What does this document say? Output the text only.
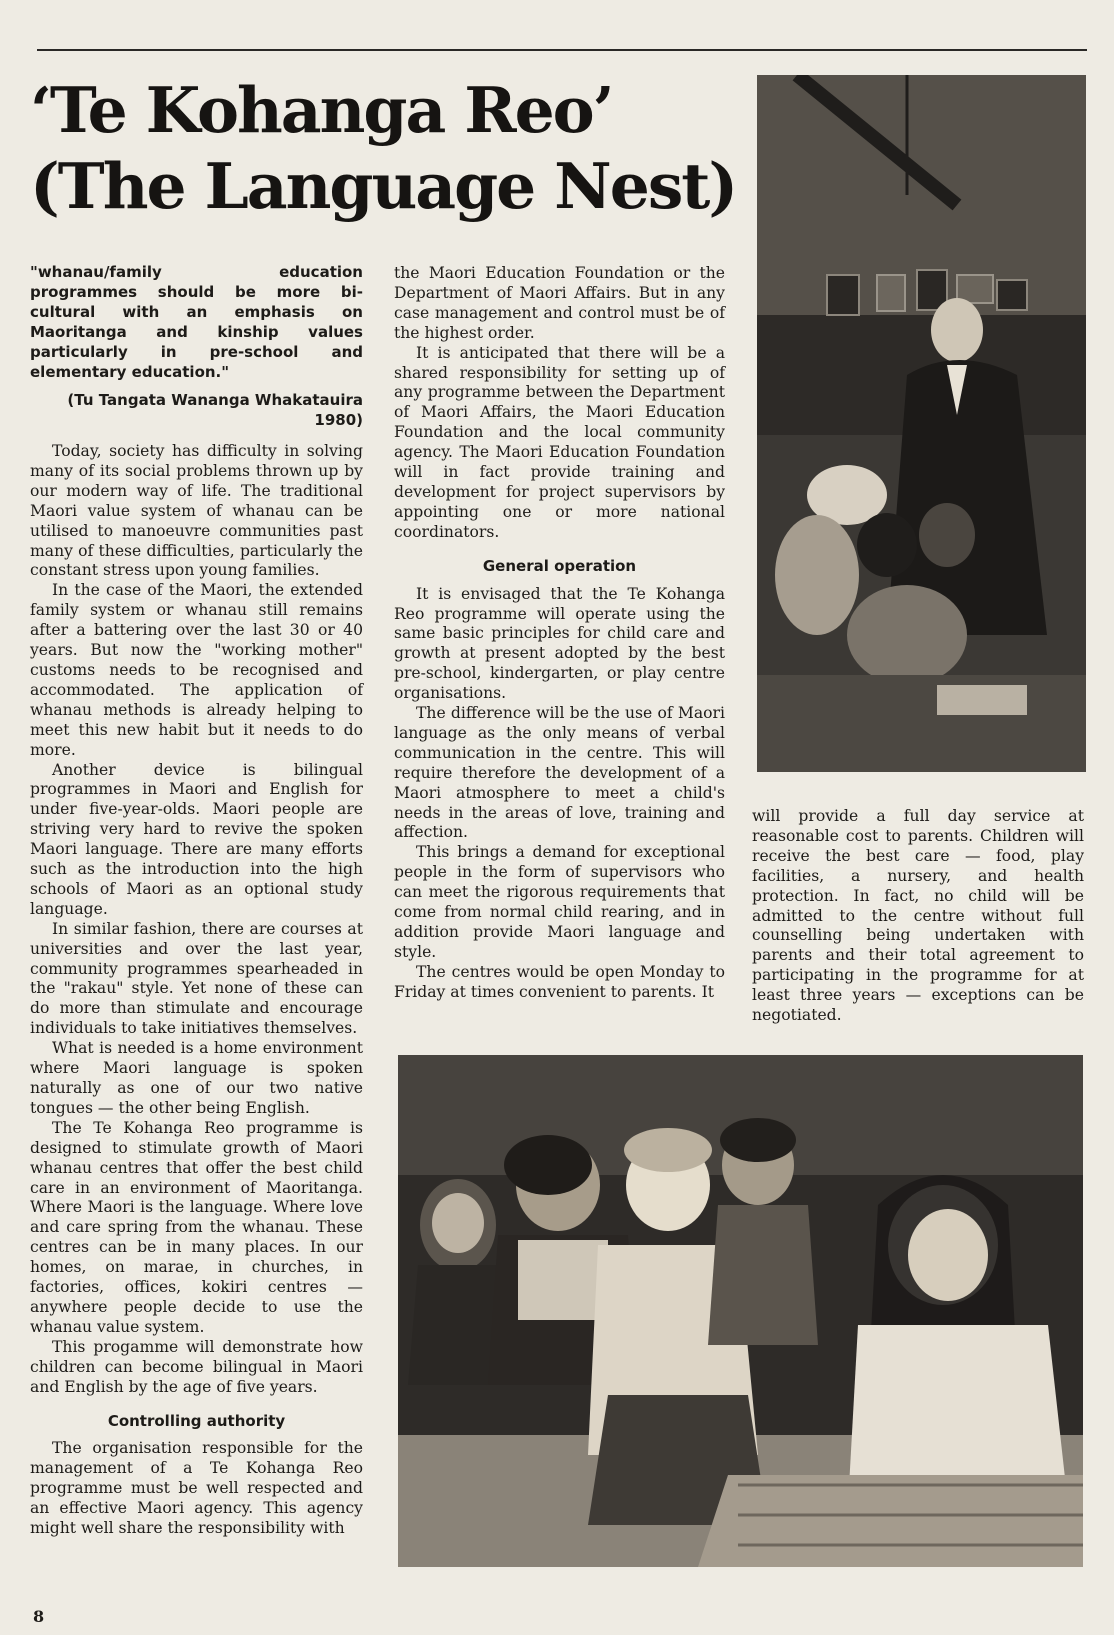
‘Te Kohanga Reo’
(The Language Nest)
"whanau/family education programmes should be more bi-cultural with an emphasis on Maoritanga and kinship values particularly in pre-school and elementary education."
(Tu Tangata Wananga Whakatauira
1980)

Today, society has difficulty in solving many of its social problems thrown up by our modern way of life. The traditional Maori value system of whanau can be utilised to manoeuvre communities past many of these difficulties, particularly the constant stress upon young families.

In the case of the Maori, the extended family system or whanau still remains after a battering over the last 30 or 40 years. But now the "working mother" customs needs to be recognised and accommodated. The application of whanau methods is already helping to meet this new habit but it needs to do more.

Another device is bilingual programmes in Maori and English for under five-year-olds. Maori people are striving very hard to revive the spoken Maori language. There are many efforts such as the introduction into the high schools of Maori as an optional study language.

In similar fashion, there are courses at universities and over the last year, community programmes spearheaded in the "rakau" style. Yet none of these can do more than stimulate and encourage individuals to take initiatives themselves.

What is needed is a home environment where Maori language is spoken naturally as one of our two native tongues — the other being English.

The Te Kohanga Reo programme is designed to stimulate growth of Maori whanau centres that offer the best child care in an environment of Maoritanga. Where Maori is the language. Where love and care spring from the whanau. These centres can be in many places. In our homes, on marae, in churches, in factories, offices, kokiri centres — anywhere people decide to use the whanau value system.

This progamme will demonstrate how children can become bilingual in Maori and English by the age of five years.

Controlling authority

The organisation responsible for the management of a Te Kohanga Reo programme must be well respected and an effective Maori agency. This agency might well share the responsibility with

the Maori Education Foundation or the Department of Maori Affairs. But in any case management and control must be of the highest order.

It is anticipated that there will be a shared responsibility for setting up of any programme between the Department of Maori Affairs, the Maori Education Foundation and the local community agency. The Maori Education Foundation will in fact provide training and development for project supervisors by appointing one or more national coordinators.

General operation

It is envisaged that the Te Kohanga Reo programme will operate using the same basic principles for child care and growth at present adopted by the best pre-school, kindergarten, or play centre organisations.

The difference will be the use of Maori language as the only means of verbal communication in the centre. This will require therefore the development of a Maori atmosphere to meet a child's needs in the areas of love, training and affection.

This brings a demand for exceptional people in the form of supervisors who can meet the rigorous requirements that come from normal child rearing, and in addition provide Maori language and style.

The centres would be open Monday to Friday at times convenient to parents. It

will provide a full day service at reasonable cost to parents. Children will receive the best care — food, play facilities, a nursery, and health protection. In fact, no child will be admitted to the centre without full counselling being undertaken with parents and their total agreement to participating in the programme for at least three years — exceptions can be negotiated.

8
